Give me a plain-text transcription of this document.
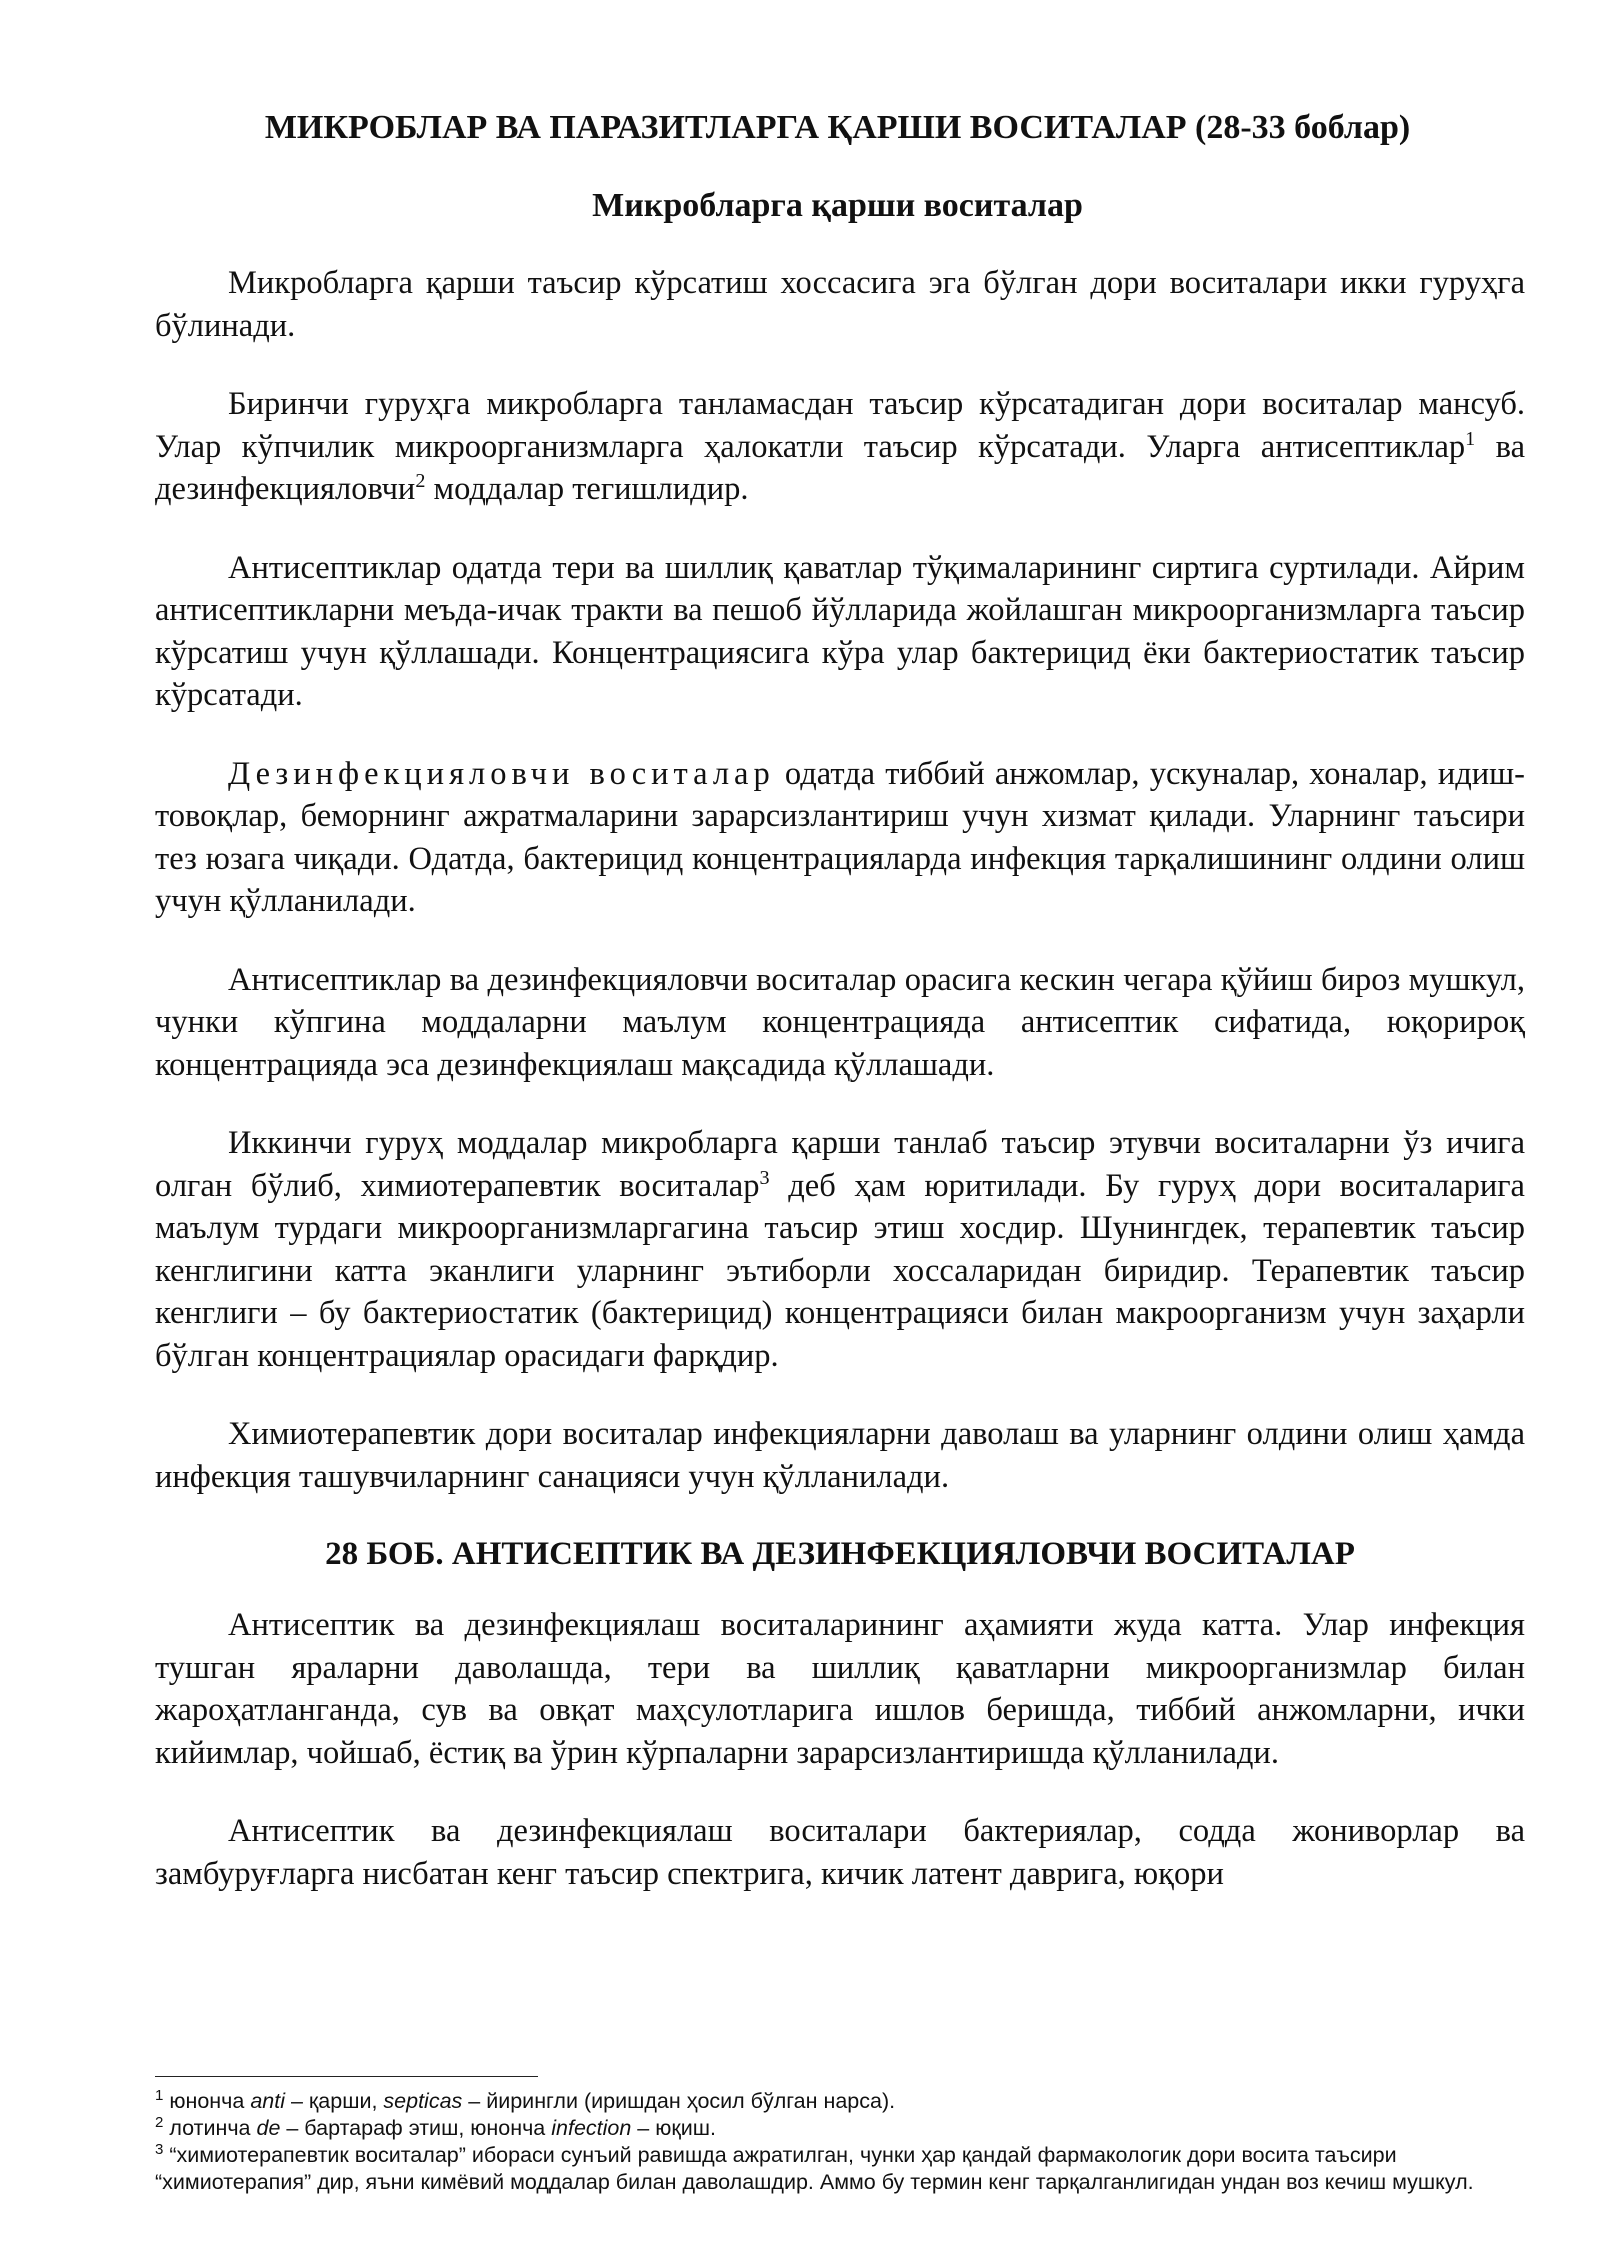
МИКРОБЛАР ВА ПАРАЗИТЛАРГА ҚАРШИ ВОСИТАЛАР (28-33 боблар)
Микробларга қарши воситалар

Микробларга қарши таъсир кўрсатиш хоссасига эга бўлган дори воситалари икки гуруҳга бўлинади.

Биринчи гуруҳга микробларга танламасдан таъсир кўрсатадиган дори воситалар мансуб. Улар кўпчилик микроорганизмларга ҳалокатли таъсир кўрсатади. Уларга антисептиклар$^1$ ва дезинфекцияловчи$^2$ моддалар тегишлидир.

Антисептиклар одатда тери ва шиллиқ қаватлар тўқималарининг сиртига суртилади. Айрим антисептикларни меъда-ичак тракти ва пешоб йўлларида жойлашган микроорганизмларга таъсир кўрсатиш учун қўллашади. Концентрациясига кўра улар бактерицид ёки бактериостатик таъсир кўрсатади.

Дезинфекцияловчи воситалар одатда тиббий анжомлар, ускуналар, хоналар, идиш-товоқлар, беморнинг ажратмаларини зарарсизлантириш учун хизмат қилади. Уларнинг таъсири тез юзага чиқади. Одатда, бактерицид концентрацияларда инфекция тарқалишининг олдини олиш учун қўлланилади.

Антисептиклар ва дезинфекцияловчи воситалар орасига кескин чегара қўйиш бироз мушкул, чунки кўпгина моддаларни маълум концентрацияда антисептик сифатида, юқорироқ концентрацияда эса дезинфекциялаш мақсадида қўллашади.

Иккинчи гуруҳ моддалар микробларга қарши танлаб таъсир этувчи воситаларни ўз ичига олган бўлиб, химиотерапевтик воситалар$^3$ деб ҳам юритилади. Бу гуруҳ дори воситаларига маълум турдаги микроорганизмларгагина таъсир этиш хосдир. Шунингдек, терапевтик таъсир кенглигини катта эканлиги уларнинг эътиборли хоссаларидан биридир. Терапевтик таъсир кенглиги – бу бактериостатик (бактерицид) концентрацияси билан макроорганизм учун заҳарли бўлган концентрациялар орасидаги фарқдир.

Химиотерапевтик дори воситалар инфекцияларни даволаш ва уларнинг олдини олиш ҳамда инфекция ташувчиларнинг санацияси учун қўлланилади.

28 БОБ. АНТИСЕПТИК ВА ДЕЗИНФЕКЦИЯЛОВЧИ ВОСИТАЛАР

Антисептик ва дезинфекциялаш воситаларининг аҳамияти жуда катта. Улар инфекция тушган яраларни даволашда, тери ва шиллиқ қаватларни микроорганизмлар билан жароҳатланганда, сув ва овқат маҳсулотларига ишлов беришда, тиббий анжомларни, ички кийимлар, чойшаб, ёстиқ ва ўрин кўрпаларни зарарсизлантиришда қўлланилади.

Антисептик ва дезинфекциялаш воситалари бактериялар, содда жониворлар ва замбуруғларга нисбатан кенг таъсир спектрига, кичик латент даврига, юқори

$^1$ юнонча anti – қарши, septicas – йирингли (иришдан ҳосил бўлган нарса).

$^2$ лотинча de – бартараф этиш, юнонча infection – юқиш.

$^3$ “химиотерапевтик воситалар” ибораси сунъий равишда ажратилган, чунки ҳар қандай фармакологик дори восита таъсири “химиотерапия” дир, яъни кимёвий моддалар билан даволашдир. Аммо бу термин кенг тарқалганлигидан ундан воз кечиш мушкул.
